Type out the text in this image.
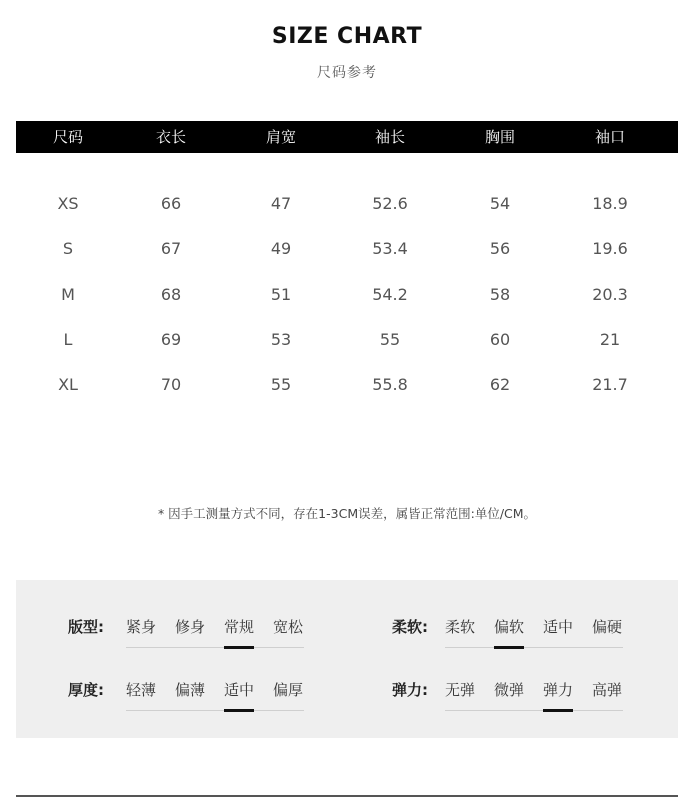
SIZE CHART
尺码参考
尺码	衣长	肩宽	袖长	胸围	袖口
XS	66	47	52.6	54	18.9
S	67	49	53.4	56	19.6
M	68	51	54.2	58	20.3
L	69	53	55	60	21
XL	70	55	55.8	62	21.7
* 因手工测量方式不同，存在1-3CM误差，属皆正常范围:单位/CM。
版型:	紧身	修身	常规	宽松	柔软:	柔软	偏软	适中	偏硬
厚度:	轻薄	偏薄	适中	偏厚	弹力:	无弹	微弹	弹力	高弹
